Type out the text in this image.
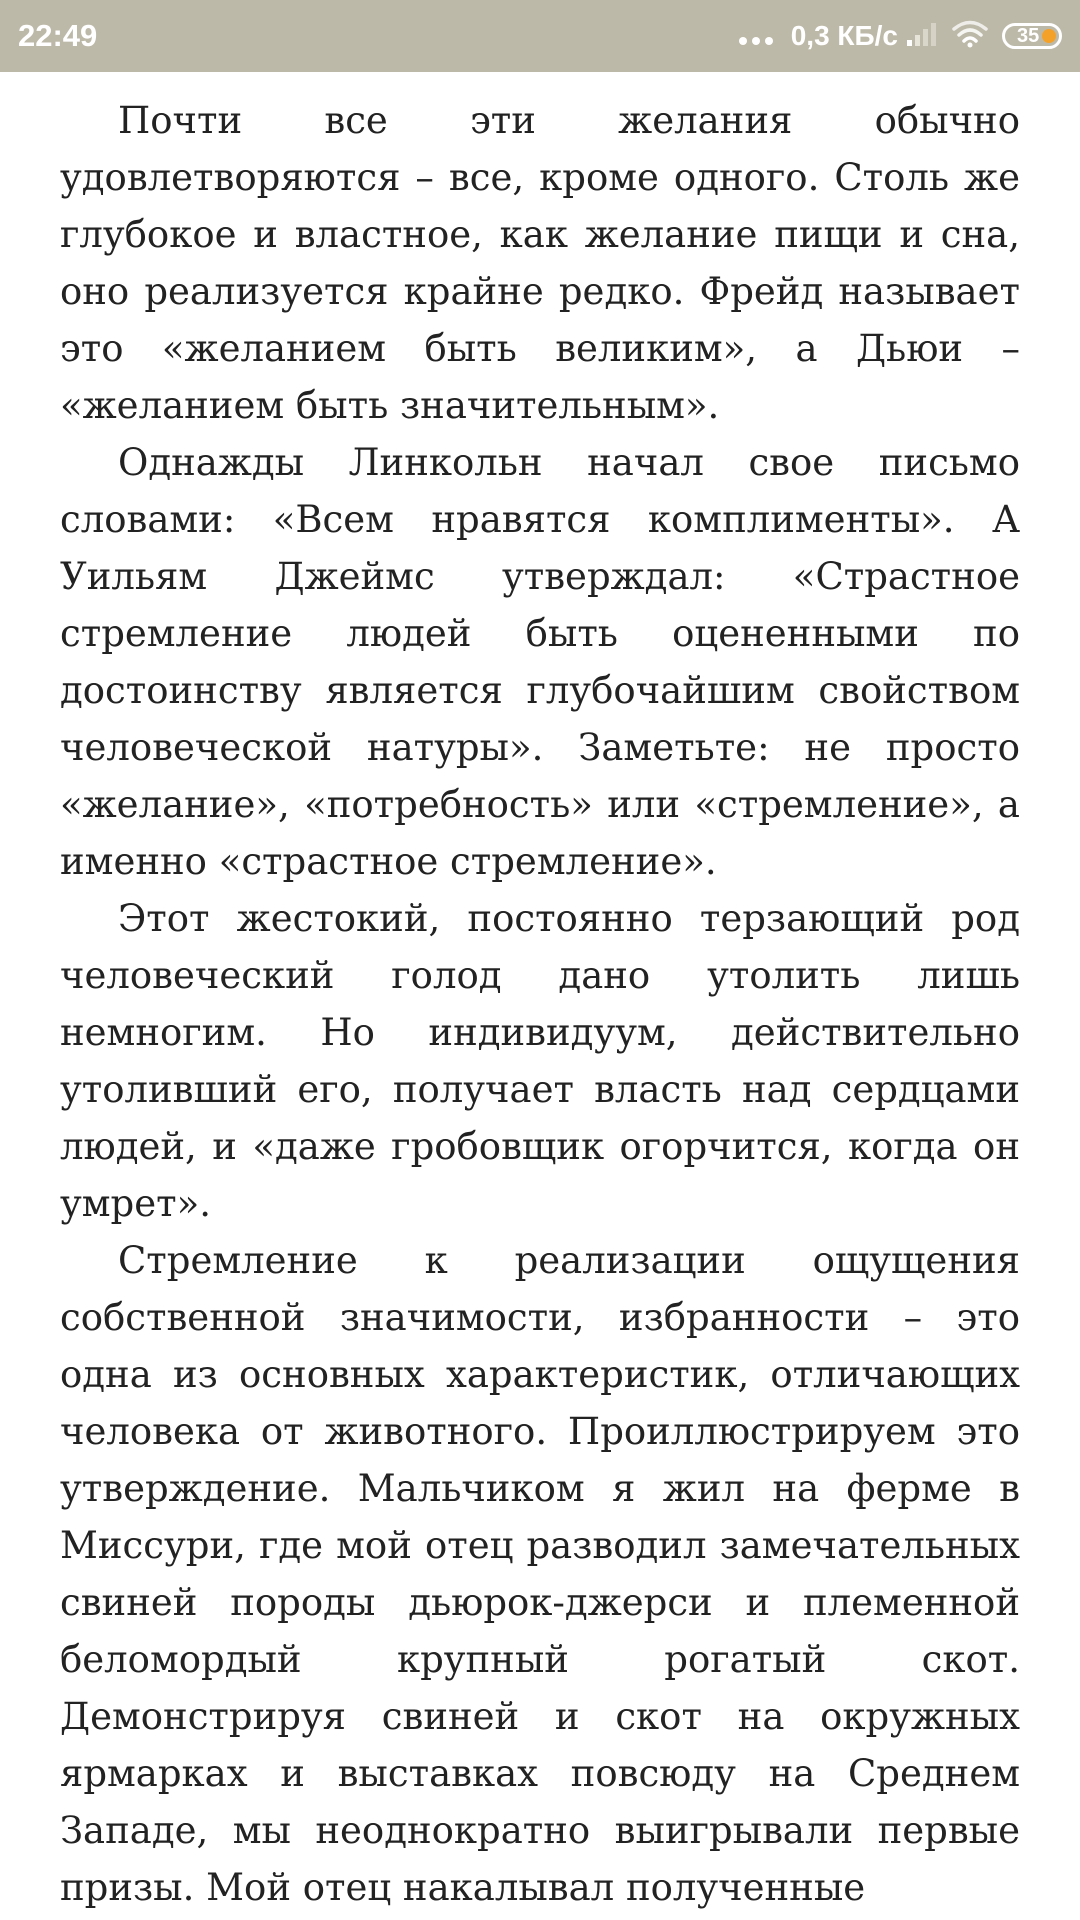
22:49	0,3 КБ/с	35

Почти все эти желания обычно удовлетворяются – все, кроме одного. Столь же глубокое и властное, как желание пищи и сна, оно реализуется крайне редко. Фрейд называет это «желанием быть великим», а Дьюи – «желанием быть значительным».

Однажды Линкольн начал свое письмо словами: «Всем нравятся комплименты». А Уильям Джеймс утверждал: «Страстное стремление людей быть оцененными по достоинству является глубочайшим свойством человеческой натуры». Заметьте: не просто «желание», «потребность» или «стремление», а именно «страстное стремление».

Этот жестокий, постоянно терзающий род человеческий голод дано утолить лишь немногим. Но индивидуум, действительно утоливший его, получает власть над сердцами людей, и «даже гробовщик огорчится, когда он умрет».

Стремление к реализации ощущения собственной значимости, избранности – это одна из основных характеристик, отличающих человека от животного. Проиллюстрируем это утверждение. Мальчиком я жил на ферме в Миссури, где мой отец разводил замечательных свиней породы дьюрок-джерси и племенной беломордый крупный рогатый скот. Демонстрируя свиней и скот на окружных ярмарках и выставках повсюду на Среднем Западе, мы неоднократно выигрывали первые призы. Мой отец накалывал полученные
